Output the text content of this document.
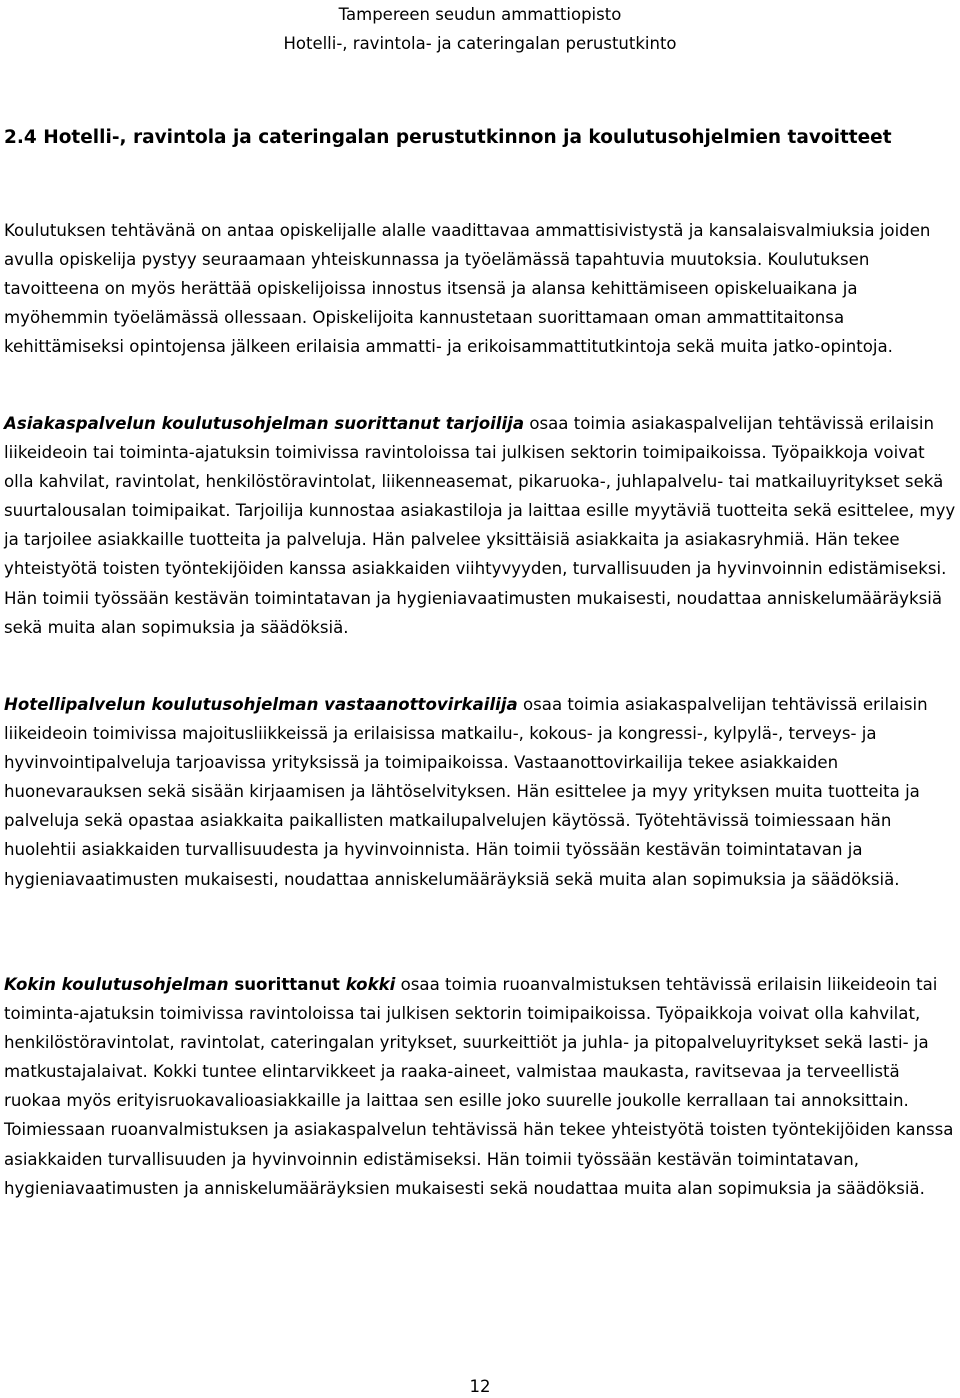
Tampereen seudun ammattiopisto
Hotelli-, ravintola- ja cateringalan perustutkinto
2.4 Hotelli-, ravintola ja cateringalan perustutkinnon ja koulutusohjelmien tavoitteet

Koulutuksen tehtävänä on antaa opiskelijalle alalle vaadittavaa ammattisivistystä ja kansalaisvalmiuksia joiden avulla opiskelija pystyy seuraamaan yhteiskunnassa ja työelämässä tapahtuvia muutoksia. Koulutuksen tavoitteena on myös herättää opiskelijoissa innostus itsensä ja alansa kehittämiseen opiskeluaikana ja myöhemmin työelämässä ollessaan. Opiskelijoita kannustetaan suorittamaan oman ammattitaitonsa kehittämiseksi opintojensa jälkeen erilaisia ammatti- ja erikoisammattitutkintoja sekä muita jatko-opintoja.

Asiakaspalvelun koulutusohjelman suorittanut tarjoilija osaa toimia asiakaspalvelijan tehtävissä erilaisin liikeideoin tai toiminta-ajatuksin toimivissa ravintoloissa tai julkisen sektorin toimipaikoissa. Työpaikkoja voivat olla kahvilat, ravintolat, henkilöstöravintolat, liikenneasemat, pikaruoka-, juhlapalvelu- tai matkailuyritykset sekä suurtalousalan toimipaikat. Tarjoilija kunnostaa asiakastiloja ja laittaa esille myytäviä tuotteita sekä esittelee, myy ja tarjoilee asiakkaille tuotteita ja palveluja. Hän palvelee yksittäisiä asiakkaita ja asiakasryhmiä. Hän tekee yhteistyötä toisten työntekijöiden kanssa asiakkaiden viihtyvyyden, turvallisuuden ja hyvinvoinnin edistämiseksi. Hän toimii työssään kestävän toimintatavan ja hygieniavaatimusten mukaisesti, noudattaa anniskelumääräyksiä sekä muita alan sopimuksia ja säädöksiä.

Hotellipalvelun koulutusohjelman vastaanottovirkailija osaa toimia asiakaspalvelijan tehtävissä erilaisin liikeideoin toimivissa majoitusliikkeissä ja erilaisissa matkailu-, kokous- ja kongressi-, kylpylä-, terveys- ja hyvinvointipalveluja tarjoavissa yrityksissä ja toimipaikoissa. Vastaanottovirkailija tekee asiakkaiden huonevarauksen sekä sisään kirjaamisen ja lähtöselvityksen. Hän esittelee ja myy yrityksen muita tuotteita ja palveluja sekä opastaa asiakkaita paikallisten matkailupalvelujen käytössä. Työtehtävissä toimiessaan hän huolehtii asiakkaiden turvallisuudesta ja hyvinvoinnista. Hän toimii työssään kestävän toimintatavan ja hygieniavaatimusten mukaisesti, noudattaa anniskelumääräyksiä sekä muita alan sopimuksia ja säädöksiä.

Kokin koulutusohjelman suorittanut kokki osaa toimia ruoanvalmistuksen tehtävissä erilaisin liikeideoin tai toiminta-ajatuksin toimivissa ravintoloissa tai julkisen sektorin toimipaikoissa. Työpaikkoja voivat olla kahvilat, henkilöstöravintolat, ravintolat, cateringalan yritykset, suurkeittiöt ja juhla- ja pitopalveluyritykset sekä lasti- ja matkustajalaivat. Kokki tuntee elintarvikkeet ja raaka-aineet, valmistaa maukasta, ravitsevaa ja terveellistä ruokaa myös erityisruokavalioasiakkaille ja laittaa sen esille joko suurelle joukolle kerrallaan tai annoksittain. Toimiessaan ruoanvalmistuksen ja asiakaspalvelun tehtävissä hän tekee yhteistyötä toisten työntekijöiden kanssa asiakkaiden turvallisuuden ja hyvinvoinnin edistämiseksi. Hän toimii työssään kestävän toimintatavan, hygieniavaatimusten ja anniskelumääräyksien mukaisesti sekä noudattaa muita alan sopimuksia ja säädöksiä.

12
